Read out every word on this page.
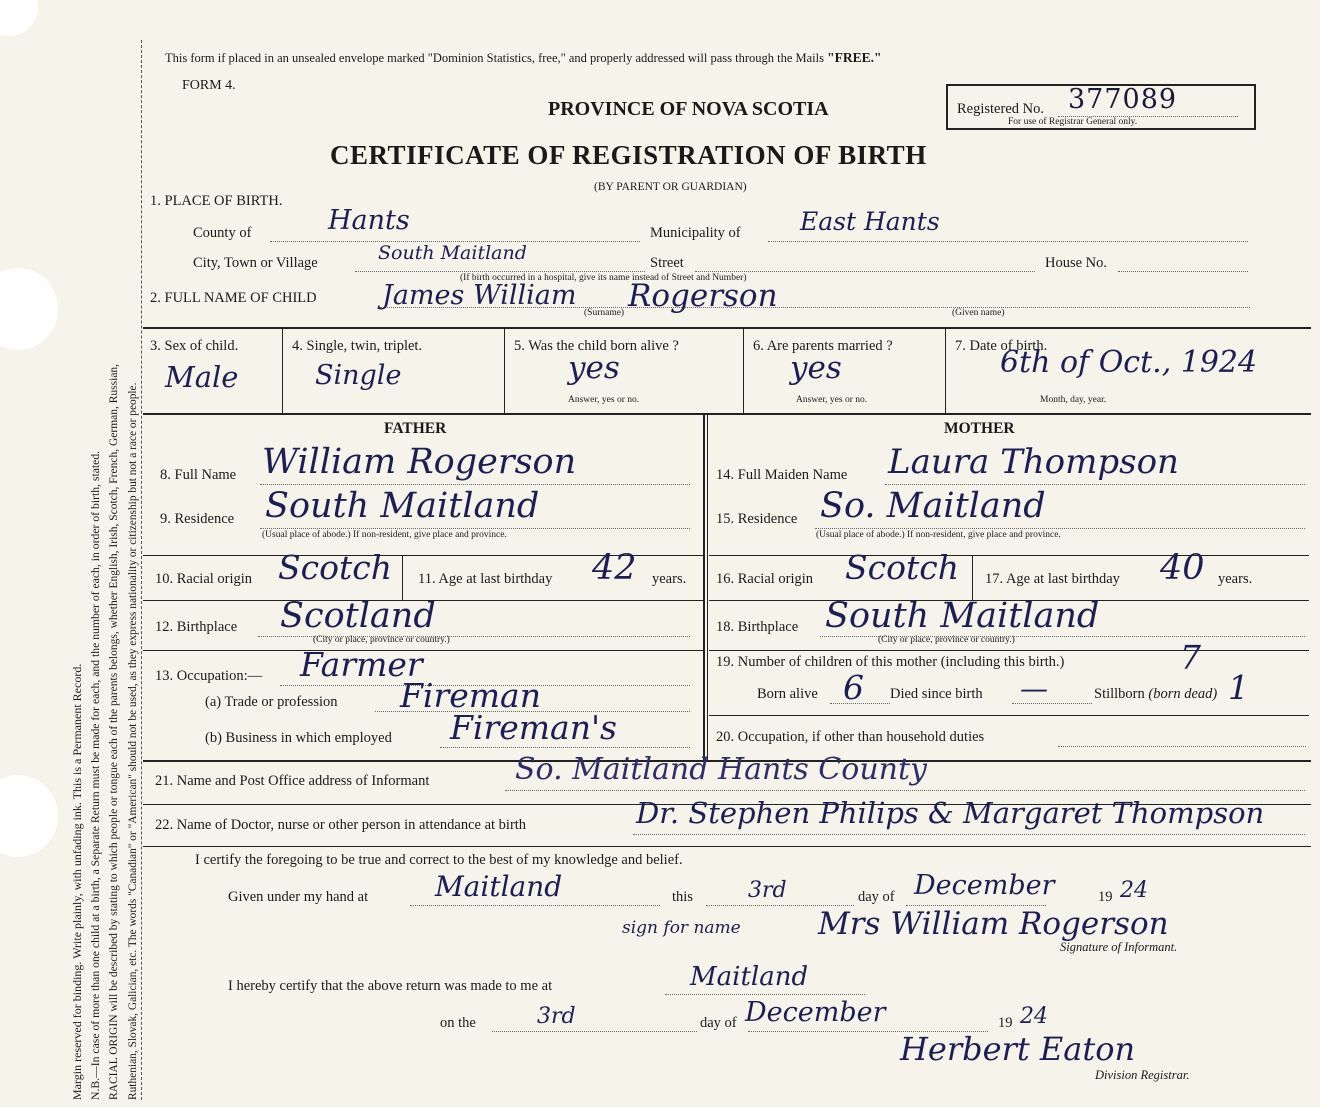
Margin reserved for binding. Write plainly, with unfading ink. This is a Permanent Record. N.B.—In case of more than one child at a birth, a Separate Return must be made for each, and the number of each, in order of birth, stated. RACIAL ORIGIN will be described by stating to which people or tongue each of the parents belongs, whether English, Irish, Scotch, French, German, Russian, Ruthenian, Slovak, Galician, etc. The words "Canadian" or "American" should not be used, as they express nationality or citizenship but not a race or people.
This form if placed in an unsealed envelope marked "Dominion Statistics, free," and properly addressed will pass through the Mails "FREE."
FORM 4.
PROVINCE OF NOVA SCOTIA
CERTIFICATE OF REGISTRATION OF BIRTH
(BY PARENT OR GUARDIAN)
Registered No. 377089
For use of Registrar General only.
1. PLACE OF BIRTH.
County of	Hants	Municipality of East Hants
City, Town or Village	South Maitland
(If birth occurred in a hospital, give its name instead of Street and Number)
Street	House No.
2. FULL NAME OF CHILD James William Rogerson
(Surname)	(Given name)
3. Sex of child.
Male
4. Single, twin, triplet.
Single
5. Was the child born alive ?
yes
Answer, yes or no.
6. Are parents married ?
yes
Answer, yes or no.
7. Date of birth.
6th of Oct., 1924
Month, day, year.
FATHER	MOTHER
8. Full Name William Rogerson
9. Residence South Maitland
(Usual place of abode.) If non-resident, give place and province.
10. Racial origin Scotch 11. Age at last birthday 42 years.
12. Birthplace Scotland
(City or place, province or country.)
13. Occupation:— Farmer
(a) Trade or profession Fireman
(b) Business in which employed Fireman's
14. Full Maiden Name Laura Thompson
15. Residence So. Maitland
(Usual place of abode.) If non-resident, give place and province.
16. Racial origin Scotch 17. Age at last birthday 40 years.
18. Birthplace South Maitland
(City or place, province or country.)
19. Number of children of this mother (including this birth.)	7
Born alive 6 Died since birth —	Stillborn (born dead) 1
20. Occupation, if other than household duties
21. Name and Post Office address of Informant	So. Maitland Hants County
22. Name of Doctor, nurse or other person in attendance at birth	Dr. Stephen Philips & Margaret Thompson
I certify the foregoing to be true and correct to the best of my knowledge and belief.
Given under my hand at Maitland	this	3rd	day of December	19 24
sign for name Mrs William Rogerson
Signature of Informant.
I hereby certify that the above return was made to me at	Maitland
on the	3rd	day of December	19 24
Herbert Eaton
Division Registrar.
